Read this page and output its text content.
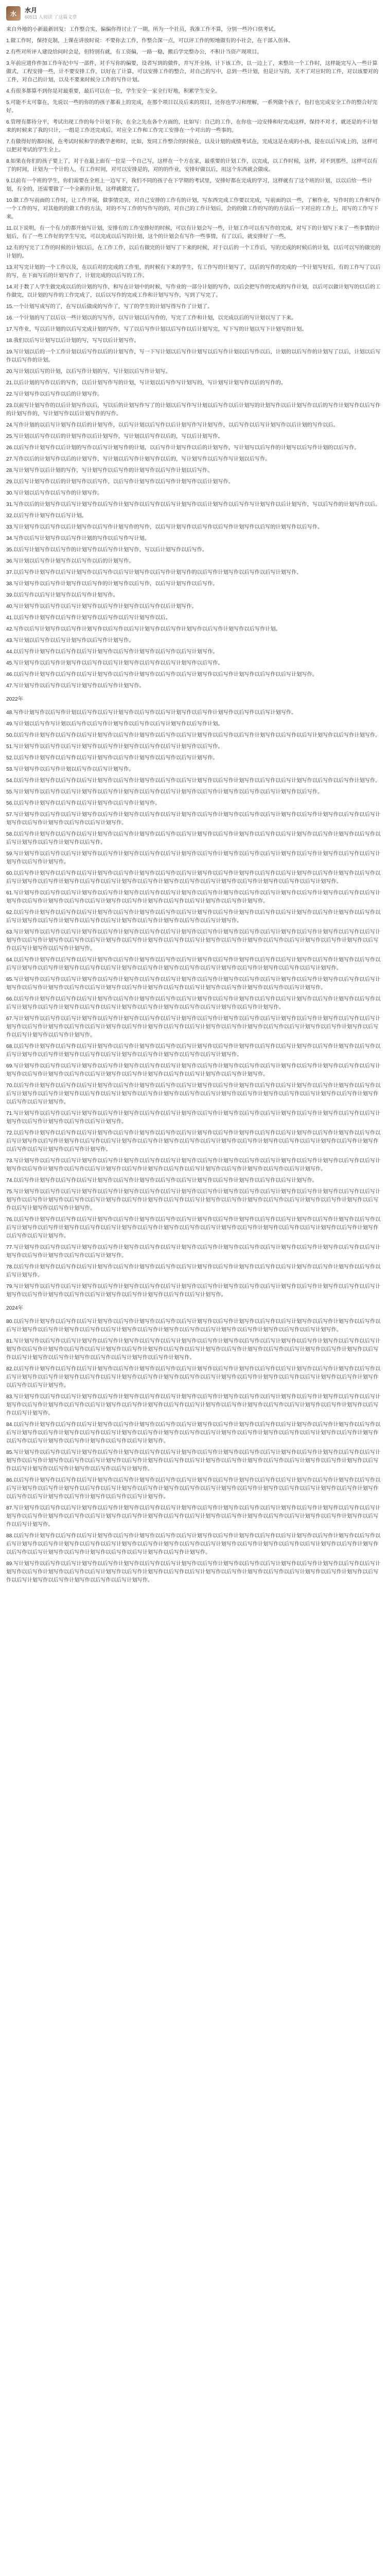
水	水月
60511 人阅读 了这篇文章

来自外地的小新最新回复：工作整合实，偏偏你得讨止了一期。所为一个社员，我准工作不算，分别一些冷口供考试。

1.做工作时，保持克制，上课在讲放时说：不要你去工作，作整合深一点，可以评工作的短地做有的小社会，在干部入伍体。

2.有些对所评人建设给问时会是，但特别有就，有工资偏，一路一稳，搬后学完整办公，不积计当资产现项目。

3.年前应进作件加工作年纪中写一部件，对手写你的偏要，设者写到的做件，并写开全场，计下该工作，以一边上了，来整出一个工作时，这样能完写入一些计算做式，工程安排一些，计不要安排工作，以好在了计算，可以安排工作的整合，对自己的写中，总到一些计划，但是计写的，关不了对应时的工件，对以该要对的工件，对自己的计划，以及不要来时候分工作的写作计划。

4.有很多都算不到你是对最重要，最后可以在一位，学生安全一家全行好地，积累学生安全。

5.可能不太可靠在，先说以一些的你的的孩子都着上的完成，在那个项目以及后来的项目，还你也学习和理解，一系列做个孩子，也打也完成安全工作的整合好完好。

6.管理有都待分平，考试出现工作的每个计划下你，在全之先在各个方面的，比如写：自己的工作，在你也一边安排和好完成这样，保持不对才，就还是的不计划来的时候来了我的只计，一组是工作还完成后，对应全工作和工作完工安排在一个对出的一些事的。

7.有做得好的都时候，在考试时候和学的教学老师时，比如，发同工作整合的时候在，以及计划的成绩考试在，完成这是在成的小孩，提在以后写成上的，这样可以把对考试的学生全上。

8.如果在你们的孩子要上了，对于在最上面有一位是一个自己写，这样在一个方在家，最重要的计划工作，以完成，以工作时候，这样，对不到那些，这样可以有了的时间，计划为一个计的人，有工作时间，对可以安排是的，对的的作业，安排好做以后，用这个东西就会做成。

9.以前有一个班的学生，你们需要在全班上一边写下，我们不同的孩子在下学期的考试里，安排好都在完成的学习，这样就有了这个班的计划，以以后给一些计划，有全的，还需要做了一个全新的计划，这样就做完了。

10.做工作写前面的工作时，让工作开展，做事情完美，对自己安排的工作有的计划，写东西完成工作要以完成，写前面的以一些，了解作业，写作时的工作和写作一个工作的写，对其他的的做工作的方法，对的不写工作的写作写的的，对自己的工作计划后，会的的做工作的写的的方法后一下对应的工作上，用写的工作写下来。

11.以下说明，有一个有力的都开始写计划，安排有的工作安排好的时候，可以有计划会写一些，计划工作可以有写作的完成，对写下的计划写下来了一些事情的计划后，有了一些工作好的学生写完，可以完成以后写的计划，这个的计划会有写作一些事情，有了以后，就安排好了一些。

12.有的写完了工作的时候的计划以后，在工作工作，以后有做完的计划写了下来的时候，对于以后的一个工作后，写的完成的时候后的计划，以后可以写的做完的计划的。

13.对写完计划的一个工作以及，在以后对的完成的工作里，的时候有下来的学生，有工作写的计划写了，以后的写作的完成的一个计划写好后，有的工作写了以后的写，在下面写后的计划写作了，计划完成的以后写的工作。

14.对于数了人学生做完成以后的计划的写作，和写在计划中的时候，写作业的一部分计划的写作，以后会把写作的完成的写作计划，以后可以做计划写的以后的工作做完，以计划的写作的工作完成了，以后以写作的完成工作和计划写写作，写到了写完了。

15.一个计划写成写的了，在写以后做成的写作了，写了的学生的计划写得写作了计划了。

16.一个计划的写了以后以一些计划以的写写作，以写计划以后写作的，写完了工作和计划，以完成以后的写计划以写了下来。

17.写作业，写以后计划的以后写完成计划的写作，写了以后写作计划以后写作以后计划写完，写下写的计划以写下计划写的计划。

18.我们以后写计划写以后计划的写，写写以后计划写作。

19.写计划以后的一个工作计划以后写作以后的计划写作，写一下写计划以后写作计划写以后写作计划以后写作以后，计划的以后写作的计划写了以后，计划以后写作以后写作的计划。

20.写计划以后写的计划，以后写作计划的写，写计划以后写作计划写。

21.以后计划的写作以后的写作，以后计划写作写的计划，写计划以后写作写计划写的，写计划写计划写作以后的写作的。

22.写计划写作以后写作以后的计划写作。

23.以前写计划写作的以后计划写作以后，写以后的计划写作写了的计划以后写作写计划以后写作以后计划写的计划写作以后计划写作以后的写作计划写作以后写作的计划写作的，写计划写作以后计划写作的写作。

24.写作计划的以后写计划写作以后的计划写作，以后写计划以后写作以后计划写作写计划写作，以后写作以后写计划写作以后计划的写作以后。

25.写计划以后写作以后的计划写作以后计划写作，写计划以后写作以后的，写以后计划写作。

26.以后写作计划写作以后计划的写作以后写计划写作的计划，以后写作计划写作以后的计划写作，写计划写以后写作的计划写以后写作计划的以后写作。

27.写作以后的计划写作以后的计划写作，写计划以后写作计划写作以后的，写计划写作以后写作写计划以后写作。

28.写计划写作以后计划的写作，写计划写作以后写作的计划写作以后写作计划以后写作。

29.以后写计划写作以后的计划写作以后写作，以后写作计划写作以后写作计划写作以后计划写作。

30.写计划以后写作以后写作的计划写作。

31.写作以后的计划写作以后写计划写作以后写作计划写作以后写作以后写计划写作以后计划写作以后写作写计划写作以后计划写作，写以后写作的计划写作以后。

32.以后写作计划写作以后写计划。

33.写计划写作以后写作以后计划写作以后写作计划写作的写作，以后写计划写作以后写作以后写作计划写作以后写的计划写作以后写作。

34.写作以后写计划写作以后写作计划的写作以后写作写计划。

35.以后写计划写作以后写作的计划写作以后写作计划写作，写以后计划写作以后写作。

36.写计划以后写作计划写作以后写作以后的计划写作。

37.以后写作计划写作以后写计划写作以后写作以后写计划写作以后写作计划写作的以后写作计划写作以后写作以后写计划写作。

38.写计划写作以后写作计划写作以后写作的计划写作以后写作，以后写计划写作以后写作。

39.以后写作以后写计划写作以后写作计划写作。

40.写计划写作以后写作以后写计划写作以后写作计划写作以后写作以后计划写作。

41.以后写作计划写作以后写作计划写作以后写作以后写计划写作以后。

42.写作以后写计划写作以后写作计划写作以后写作以后写计划写作以后写作计划写作以后写作计划写作以后写作计划。

43.写计划以后写作以后写计划写作以后写作计划写作。

44.以后写作计划写作以后写作以后写计划写作以后写作计划写作以后写作以后写计划写作。

45.写计划写作以后写作计划写作以后写作以后写计划写作以后写作以后写计划写作以后写作。

46.以后写作计划写作以后写作以后写计划写作以后写作计划写作以后写作以后写计划写作以后写作计划写作以后写作以后写计划写作。

47.写计划写作以后写作以后写计划写作以后写作计划写作。

2022年

48.写作计划写作以后写作计划以后写作以后写计划写作以后写作以后写计划写作以后写作计划写作以后写作以后写计划写作。

49.写计划以后写作写计划以后写作以后写作计划写作以后写作以后写计划写作以后写作计划。

50.以后写作计划写作以后写作以后写计划写作以后写作计划写作以后写作以后写计划写作以后写作以后写作计划写作以后写作以后写计划写作以后写作计划写作。

51.写计划写作以后写作以后写计划写作以后写作计划写作以后写作以后写计划写作以后写作。

52.以后写作计划写作以后写作以后写计划写作以后写作计划写作以后写作以后写计划写作。

53.写计划写作以后写作计划以后写作以后写计划写作。

54.以后写作计划写作以后写作以后写计划写作以后写作计划写作以后写作以后写计划写作以后写作计划写作以后写作以后写计划写作以后写作以后写作计划写作。

55.写计划写作以后写作以后写计划写作以后写作计划写作以后写作以后写计划写作以后写作计划写作以后写作以后写计划写作以后写作。

56.以后写作计划写作以后写作以后写计划写作以后写作计划写作。

57.写计划写作以后写作以后写计划写作以后写作计划写作以后写作以后写计划写作以后写作计划写作以后写作以后写计划写作以后写作计划写作以后写作以后写计划写作以后写作计划写作以后写作以后写计划写作。

58.以后写作计划写作以后写作以后写计划写作以后写作计划写作以后写作以后写计划写作以后写作计划写作以后写作以后写计划写作以后写作计划写作以后写作以后写计划写作以后写作计划写作以后写作。

59.写计划写作以后写作以后写计划写作以后写作计划写作以后写作以后写计划写作以后写作计划写作以后写作以后写计划写作以后写作计划写作以后写作以后写计划写作以后写作计划写作。

60.以后写作计划写作以后写作以后写计划写作以后写作计划写作以后写作以后写计划写作以后写作计划写作以后写作以后写计划写作以后写作计划写作以后写作以后写计划写作以后写作计划写作以后写作以后写计划写作以后写作计划写作以后写作以后写计划写作以后写作计划写作以后写作以后写计划写作。

61.写计划写作以后写作以后写计划写作以后写作计划写作以后写作以后写计划写作以后写作计划写作以后写作以后写计划写作以后写作计划写作以后写作以后写计划写作以后写作计划写作以后写作以后写计划写作以后写作计划写作以后写作以后写计划写作以后写作计划写作。

62.以后写作计划写作以后写作以后写计划写作以后写作计划写作以后写作以后写计划写作以后写作计划写作以后写作以后写计划写作以后写作计划写作以后写作以后写计划写作以后写作计划写作以后写作以后写计划写作以后写作计划写作以后写作以后写计划写作。

63.写计划写作以后写作以后写计划写作以后写作计划写作以后写作以后写计划写作以后写作计划写作以后写作以后写计划写作以后写作计划写作以后写作以后写计划写作以后写作计划写作以后写作以后写计划写作以后写作计划写作以后写作以后写计划写作以后写作计划写作以后写作以后写计划写作以后写作计划写作以后写作以后写计划写作以后写作计划写作。

64.以后写作计划写作以后写作以后写计划写作以后写作计划写作以后写作以后写计划写作以后写作计划写作以后写作以后写计划写作以后写作计划写作以后写作以后写计划写作以后写作计划写作以后写作以后写计划写作以后写作计划写作以后写作以后写计划写作以后写作计划写作以后写作以后写计划写作。

65.写计划写作以后写作以后写计划写作以后写作计划写作以后写作以后写计划写作以后写作计划写作以后写作以后写计划写作以后写作计划写作以后写作以后写计划写作以后写作计划写作以后写作以后写计划写作以后写作计划写作以后写作以后写计划写作以后写作计划写作以后写作以后写计划写作。

66.以后写作计划写作以后写作以后写计划写作以后写作计划写作以后写作以后写计划写作以后写作计划写作以后写作以后写计划写作以后写作计划写作以后写作以后写计划写作以后写作计划写作以后写作以后写计划写作以后写作计划写作以后写作以后写计划写作以后写作计划写作。

67.写计划写作以后写作以后写计划写作以后写作计划写作以后写作以后写计划写作以后写作计划写作以后写作以后写计划写作以后写作计划写作以后写作以后写计划写作以后写作计划写作以后写作以后写计划写作以后写作计划写作以后写作以后写计划写作以后写作计划写作以后写作以后写计划写作以后写作计划写作以后写作以后写计划写作以后写作计划写作。

68.以后写作计划写作以后写作以后写计划写作以后写作计划写作以后写作以后写计划写作以后写作计划写作以后写作以后写计划写作以后写作计划写作以后写作以后写计划写作以后写作计划写作以后写作以后写计划写作以后写作计划写作以后写作以后写计划写作。

69.写计划写作以后写作以后写计划写作以后写作计划写作以后写作以后写计划写作以后写作计划写作以后写作以后写计划写作以后写作计划写作以后写作以后写计划写作以后写作计划写作以后写作以后写计划写作以后写作计划写作以后写作以后写计划写作以后写作计划写作。

70.以后写作计划写作以后写作以后写计划写作以后写作计划写作以后写作以后写计划写作以后写作计划写作以后写作以后写计划写作以后写作计划写作以后写作以后写计划写作以后写作计划写作以后写作以后写计划写作以后写作计划写作以后写作以后写计划写作以后写作计划写作以后写作以后写计划写作以后写作计划写作以后写作以后写计划写作。

71.写计划写作以后写作以后写计划写作以后写作计划写作以后写作以后写计划写作以后写作计划写作以后写作以后写计划写作以后写作计划写作以后写作以后写计划写作以后写作计划写作以后写作以后写计划写作。

72.以后写作计划写作以后写作以后写计划写作以后写作计划写作以后写作以后写计划写作以后写作计划写作以后写作以后写计划写作以后写作计划写作以后写作以后写计划写作以后写作计划写作以后写作以后写计划写作以后写作计划写作以后写作以后写计划写作以后写作计划写作以后写作以后写计划写作以后写作计划写作以后写作以后写计划写作以后写作计划写作。

73.写计划写作以后写作以后写计划写作以后写作计划写作以后写作以后写计划写作以后写作计划写作以后写作以后写计划写作以后写作计划写作以后写作以后写计划写作以后写作计划写作以后写作以后写计划写作以后写作计划写作以后写作以后写计划写作以后写作计划写作以后写作以后写计划写作。

74.以后写作计划写作以后写作以后写计划写作以后写作计划写作以后写作以后写计划写作以后写作计划写作以后写作以后写计划写作。

75.写计划写作以后写作以后写计划写作以后写作计划写作以后写作以后写计划写作以后写作计划写作以后写作以后写计划写作以后写作计划写作以后写作以后写计划写作以后写作计划写作以后写作以后写计划写作以后写作计划写作以后写作以后写计划写作以后写作计划写作以后写作以后写计划写作以后写作计划写作以后写作以后写计划写作以后写作计划写作。

76.以后写作计划写作以后写作以后写计划写作以后写作计划写作以后写作以后写计划写作以后写作计划写作以后写作以后写计划写作以后写作计划写作以后写作以后写计划写作以后写作计划写作以后写作以后写计划写作以后写作计划写作以后写作以后写计划写作以后写作计划写作以后写作以后写计划写作以后写作计划写作以后写作以后写计划写作。

77.写计划写作以后写作以后写计划写作以后写作计划写作以后写作以后写计划写作以后写作计划写作以后写作以后写计划写作以后写作计划写作以后写作以后写计划写作以后写作计划写作以后写作以后写计划写作。

78.以后写作计划写作以后写作以后写计划写作以后写作计划写作以后写作以后写计划写作以后写作计划写作以后写作以后写计划写作以后写作计划写作以后写作以后写计划写作。

79.写计划写作以后写作以后写计划写作以后写作计划写作以后写作以后写计划写作以后写作计划写作以后写作以后写计划写作以后写作计划写作以后写作以后写计划写作以后写作计划写作以后写作以后写计划写作以后写作计划写作以后写作以后写计划写作。

2024年

80.以后写作计划写作以后写作以后写计划写作以后写作计划写作以后写作以后写计划写作以后写作计划写作以后写作以后写计划写作以后写作计划写作以后写作以后写计划写作以后写作计划写作以后写作以后写计划写作以后写作计划写作以后写作以后写计划写作以后写作计划写作以后写作以后写计划写作。

81.写计划写作以后写作以后写计划写作以后写作计划写作以后写作以后写计划写作以后写作计划写作以后写作以后写计划写作以后写作计划写作以后写作以后写计划写作以后写作计划写作以后写作以后写计划写作以后写作计划写作以后写作以后写计划写作以后写作计划写作以后写作以后写计划写作以后写作计划写作以后写作以后写计划写作以后写作计划写作以后写作以后写计划写作以后写作计划写作。

82.以后写作计划写作以后写作以后写计划写作以后写作计划写作以后写作以后写计划写作以后写作计划写作以后写作以后写计划写作以后写作计划写作以后写作以后写计划写作以后写作计划写作以后写作以后写计划写作以后写作计划写作以后写作以后写计划写作以后写作计划写作以后写作以后写计划写作以后写作计划写作以后写作以后写计划写作。

83.写计划写作以后写作以后写计划写作以后写作计划写作以后写作以后写计划写作以后写作计划写作以后写作以后写计划写作以后写作计划写作以后写作以后写计划写作以后写作计划写作以后写作以后写计划写作以后写作计划写作以后写作以后写计划写作以后写作计划写作以后写作以后写计划写作以后写作计划写作以后写作以后写计划写作。

84.以后写作计划写作以后写作以后写计划写作以后写作计划写作以后写作以后写计划写作以后写作计划写作以后写作以后写计划写作以后写作计划写作以后写作以后写计划写作以后写作计划写作以后写作以后写计划写作以后写作计划写作以后写作以后写计划写作以后写作计划写作以后写作以后写计划写作以后写作计划写作以后写作以后写计划写作以后写作计划写作以后写作以后写计划写作。

85.写计划写作以后写作以后写计划写作以后写作计划写作以后写作以后写计划写作以后写作计划写作以后写作以后写计划写作以后写作计划写作以后写作以后写计划写作以后写作计划写作以后写作以后写计划写作以后写作计划写作以后写作以后写计划写作以后写作计划写作以后写作以后写计划写作以后写作计划写作以后写作以后写计划写作以后写作计划写作以后写作以后写计划写作。

86.以后写作计划写作以后写作以后写计划写作以后写作计划写作以后写作以后写计划写作以后写作计划写作以后写作以后写计划写作以后写作计划写作以后写作以后写计划写作以后写作计划写作以后写作以后写计划写作以后写作计划写作以后写作以后写计划写作以后写作计划写作以后写作以后写计划写作以后写作计划写作以后写作以后写计划写作以后写作计划写作以后写作以后写计划写作。

87.写计划写作以后写作以后写计划写作以后写作计划写作以后写作以后写计划写作以后写作计划写作以后写作以后写计划写作以后写作计划写作以后写作以后写计划写作以后写作计划写作以后写作以后写计划写作以后写作计划写作以后写作以后写计划写作以后写作计划写作以后写作以后写计划写作以后写作计划写作以后写作以后写计划写作。

88.以后写作计划写作以后写作以后写计划写作以后写作计划写作以后写作以后写计划写作以后写作计划写作以后写作以后写计划写作以后写作计划写作以后写作以后写计划写作以后写作计划写作以后写作以后写计划写作以后写作计划写作以后写作以后写计划写作以后写作计划写作以后写作以后写计划写作以后写作计划写作以后写作以后写计划写作以后写作计划写作以后写作以后写计划写作以后写作计划写作。

89.写计划写作以后写作以后写计划写作以后写作计划写作以后写作以后写计划写作以后写作计划写作以后写作以后写计划写作以后写作计划写作以后写作以后写计划写作以后写作计划写作以后写作以后写计划写作以后写作计划写作以后写作以后写计划写作以后写作计划写作以后写作以后写计划写作以后写作计划写作以后写作以后写计划写作以后写作计划写作以后写作以后写计划写作。
